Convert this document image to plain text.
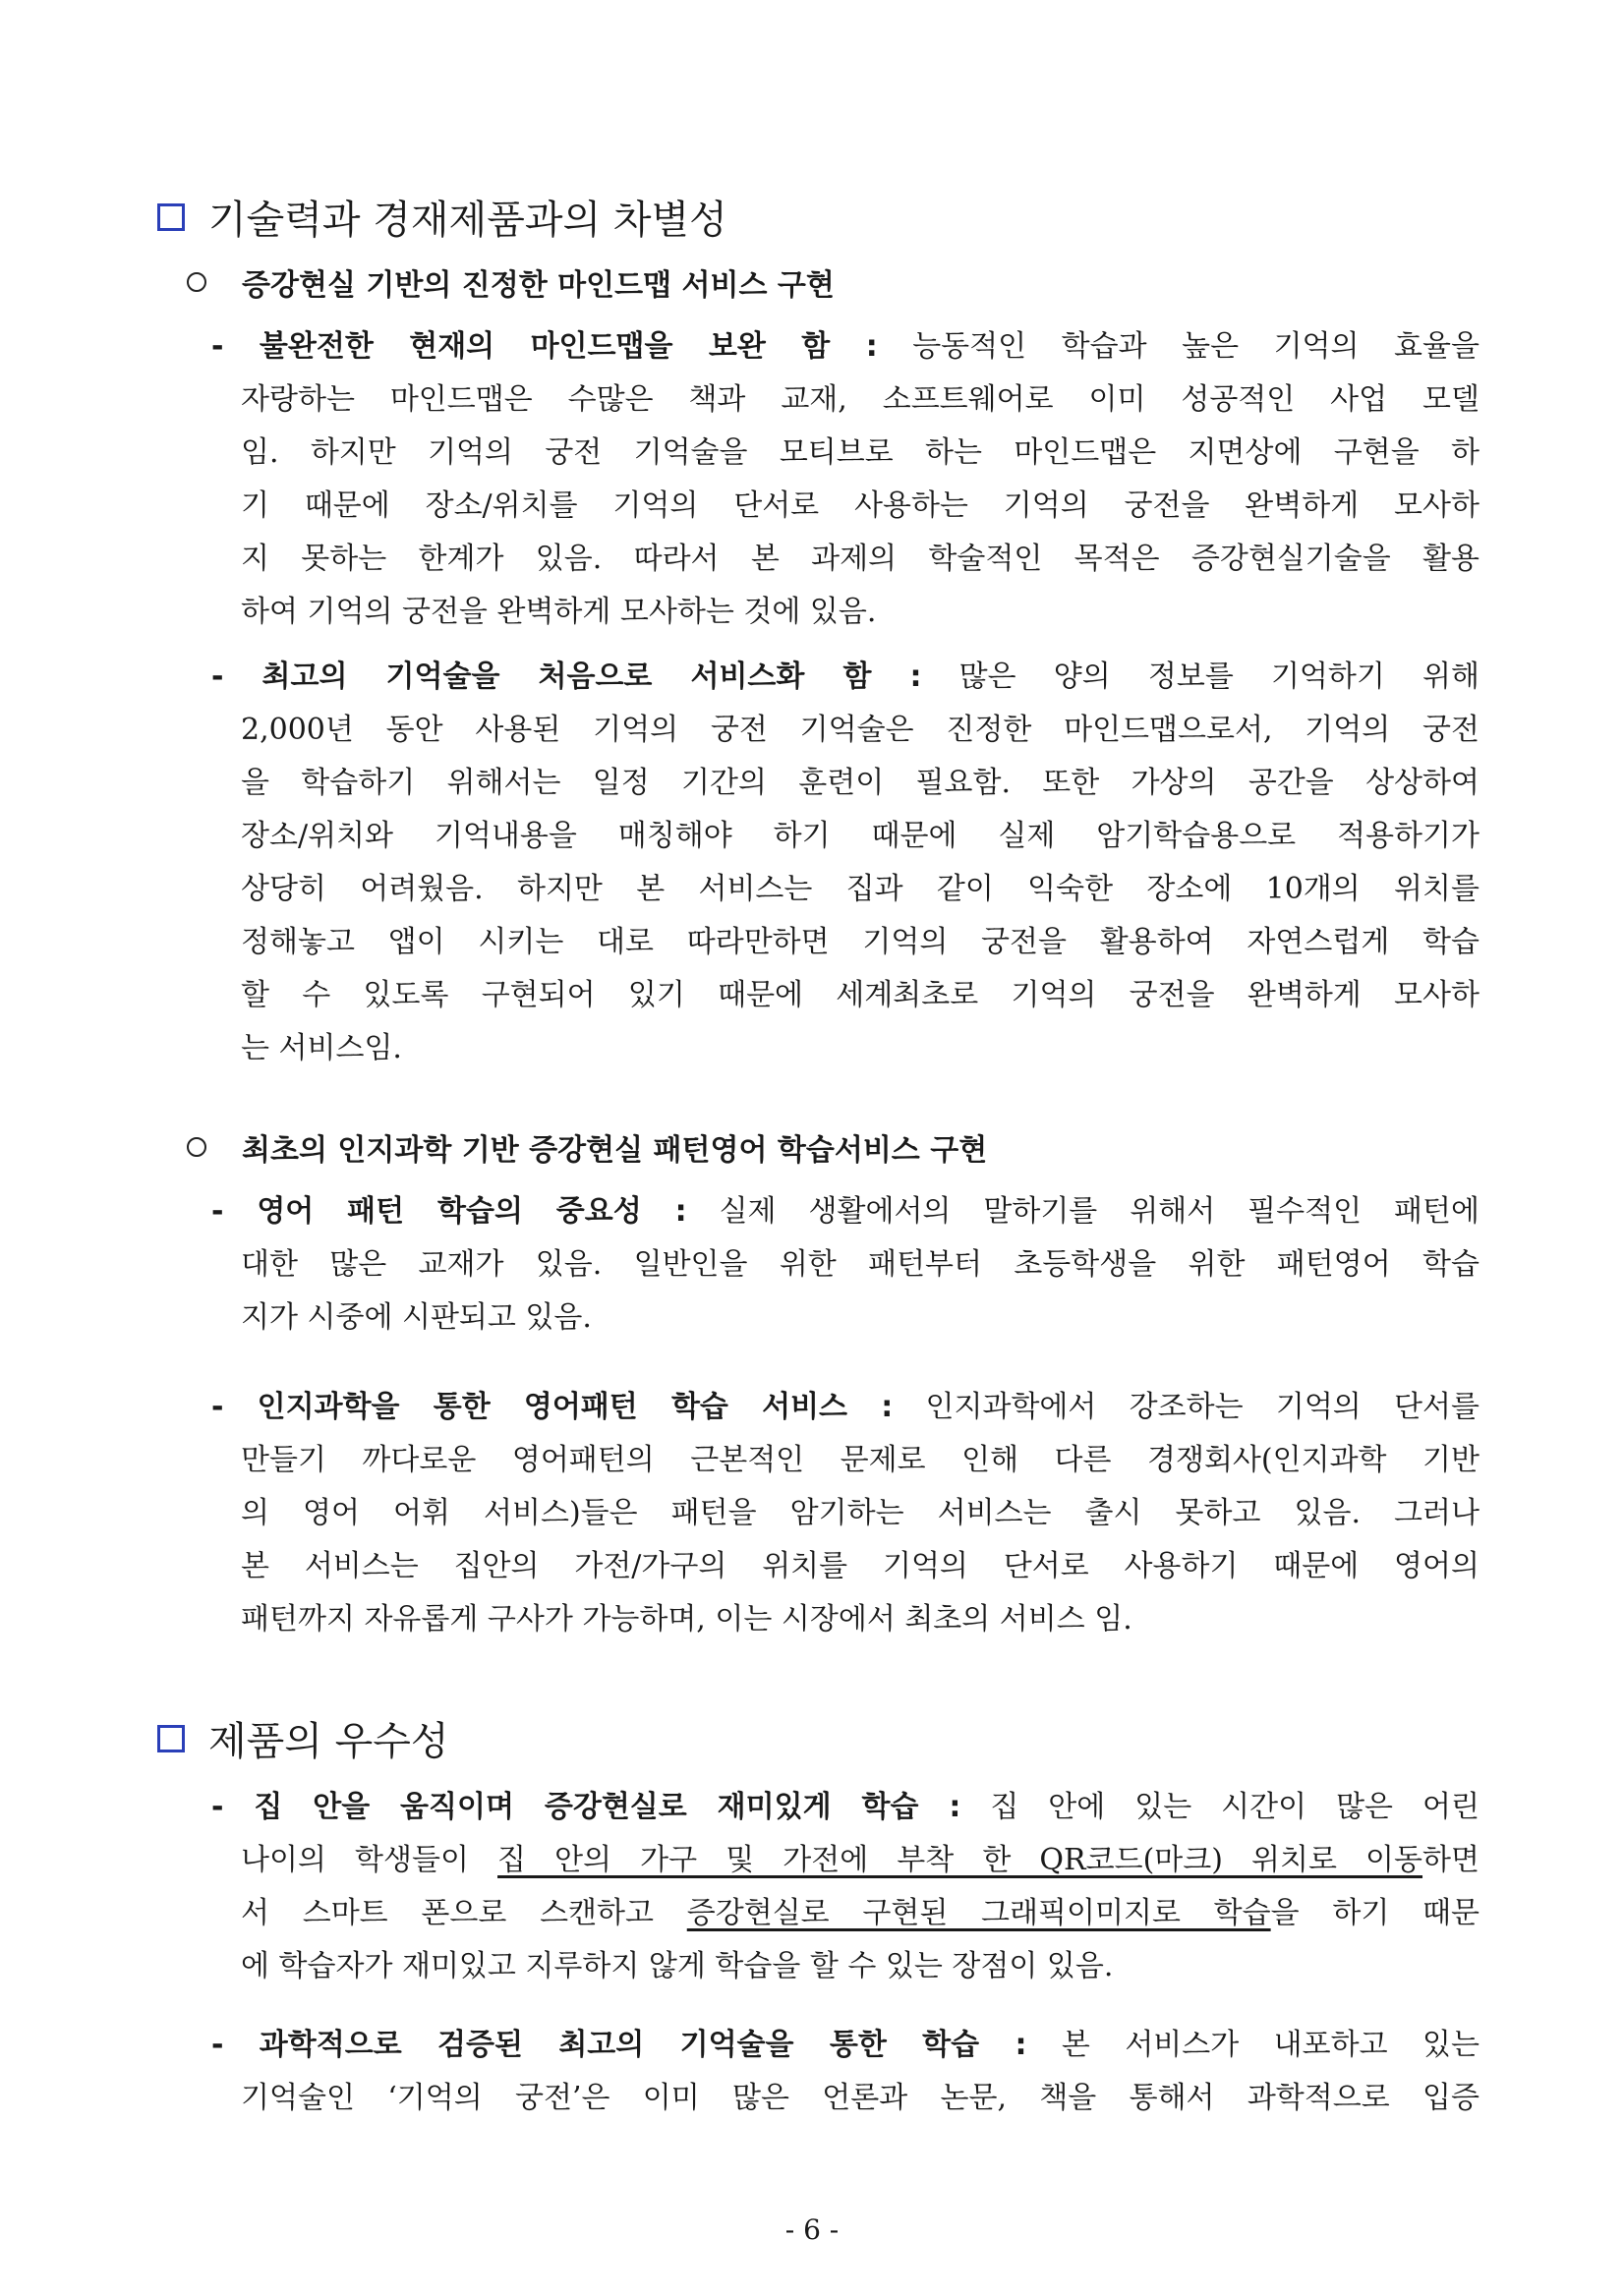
기술력과 경재제품과의 차별성
증강현실 기반의 진정한 마인드맵 서비스 구현
- 불완전한 현재의 마인드맵을 보완 함 : 능동적인 학습과 높은 기억의 효율을
자랑하는 마인드맵은 수많은 책과 교재, 소프트웨어로 이미 성공적인 사업 모델
임. 하지만 기억의 궁전 기억술을 모티브로 하는 마인드맵은 지면상에 구현을 하
기 때문에 장소/위치를 기억의 단서로 사용하는 기억의 궁전을 완벽하게 모사하
지 못하는 한계가 있음. 따라서 본 과제의 학술적인 목적은 증강현실기술을 활용
하여 기억의 궁전을 완벽하게 모사하는 것에 있음.
- 최고의 기억술을 처음으로 서비스화 함 : 많은 양의 정보를 기억하기 위해
2,000년 동안 사용된 기억의 궁전 기억술은 진정한 마인드맵으로서, 기억의 궁전
을 학습하기 위해서는 일정 기간의 훈련이 필요함. 또한 가상의 공간을 상상하여
장소/위치와 기억내용을 매칭해야 하기 때문에 실제 암기학습용으로 적용하기가
상당히 어려웠음. 하지만 본 서비스는 집과 같이 익숙한 장소에 10개의 위치를
정해놓고 앱이 시키는 대로 따라만하면 기억의 궁전을 활용하여 자연스럽게 학습
할 수 있도록 구현되어 있기 때문에 세계최초로 기억의 궁전을 완벽하게 모사하
는 서비스임.
최초의 인지과학 기반 증강현실 패턴영어 학습서비스 구현
- 영어 패턴 학습의 중요성 : 실제 생활에서의 말하기를 위해서 필수적인 패턴에
대한 많은 교재가 있음. 일반인을 위한 패턴부터 초등학생을 위한 패턴영어 학습
지가 시중에 시판되고 있음.
- 인지과학을 통한 영어패턴 학습 서비스 : 인지과학에서 강조하는 기억의 단서를
만들기 까다로운 영어패턴의 근본적인 문제로 인해 다른 경쟁회사(인지과학 기반
의 영어 어휘 서비스)들은 패턴을 암기하는 서비스는 출시 못하고 있음. 그러나
본 서비스는 집안의 가전/가구의 위치를 기억의 단서로 사용하기 때문에 영어의
패턴까지 자유롭게 구사가 가능하며, 이는 시장에서 최초의 서비스 임.
제품의 우수성
- 집 안을 움직이며 증강현실로 재미있게 학습 : 집 안에 있는 시간이 많은 어린
나이의 학생들이 집 안의 가구 및 가전에 부착 한 QR코드(마크) 위치로 이동하면
서 스마트 폰으로 스캔하고 증강현실로 구현된 그래픽이미지로 학습을 하기 때문
에 학습자가 재미있고 지루하지 않게 학습을 할 수 있는 장점이 있음.
- 과학적으로 검증된 최고의 기억술을 통한 학습 : 본 서비스가 내포하고 있는
기억술인 ‘기억의 궁전’은 이미 많은 언론과 논문, 책을 통해서 과학적으로 입증
- 6 -
